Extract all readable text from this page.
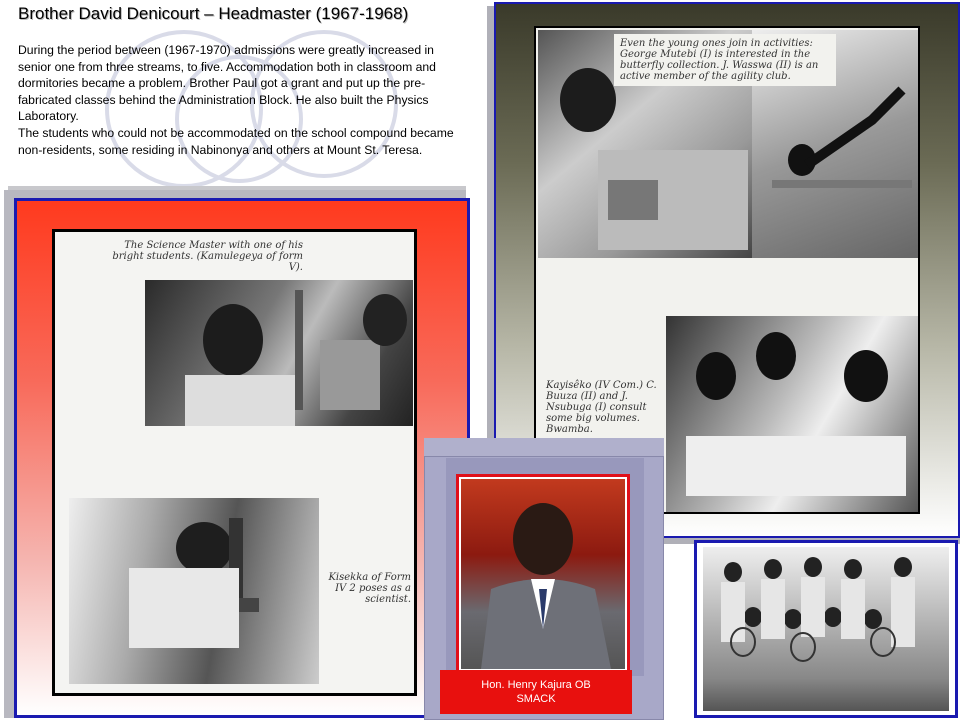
Brother David Denicourt – Headmaster (1967-1968)
During the period between (1967-1970) admissions were greatly increased in senior one from three streams, to five. Accommodation both in classroom and dormitories became a problem. Brother Paul got a grant and put up the pre-fabricated classes behind the Administration Block. He also built the Physics Laboratory.
The students who could not be accommodated on the school compound became non-residents, some residing in Nabinonya and others at Mount St. Teresa.
The Science Master with one of his bright students. (Kamulegeya of form V).
Kisekka of Form IV 2 poses as a scientist.
Even the young ones join in activities: George Mutebi (I) is interested in the butterfly collection. J. Wasswa (II) is an active member of the agility club.
Kayisêko (IV Com.) C. Buuza (II) and J. Nsubuga (I) consult some big volumes. Bwamba.
Hon. Henry Kajura OB
SMACK
